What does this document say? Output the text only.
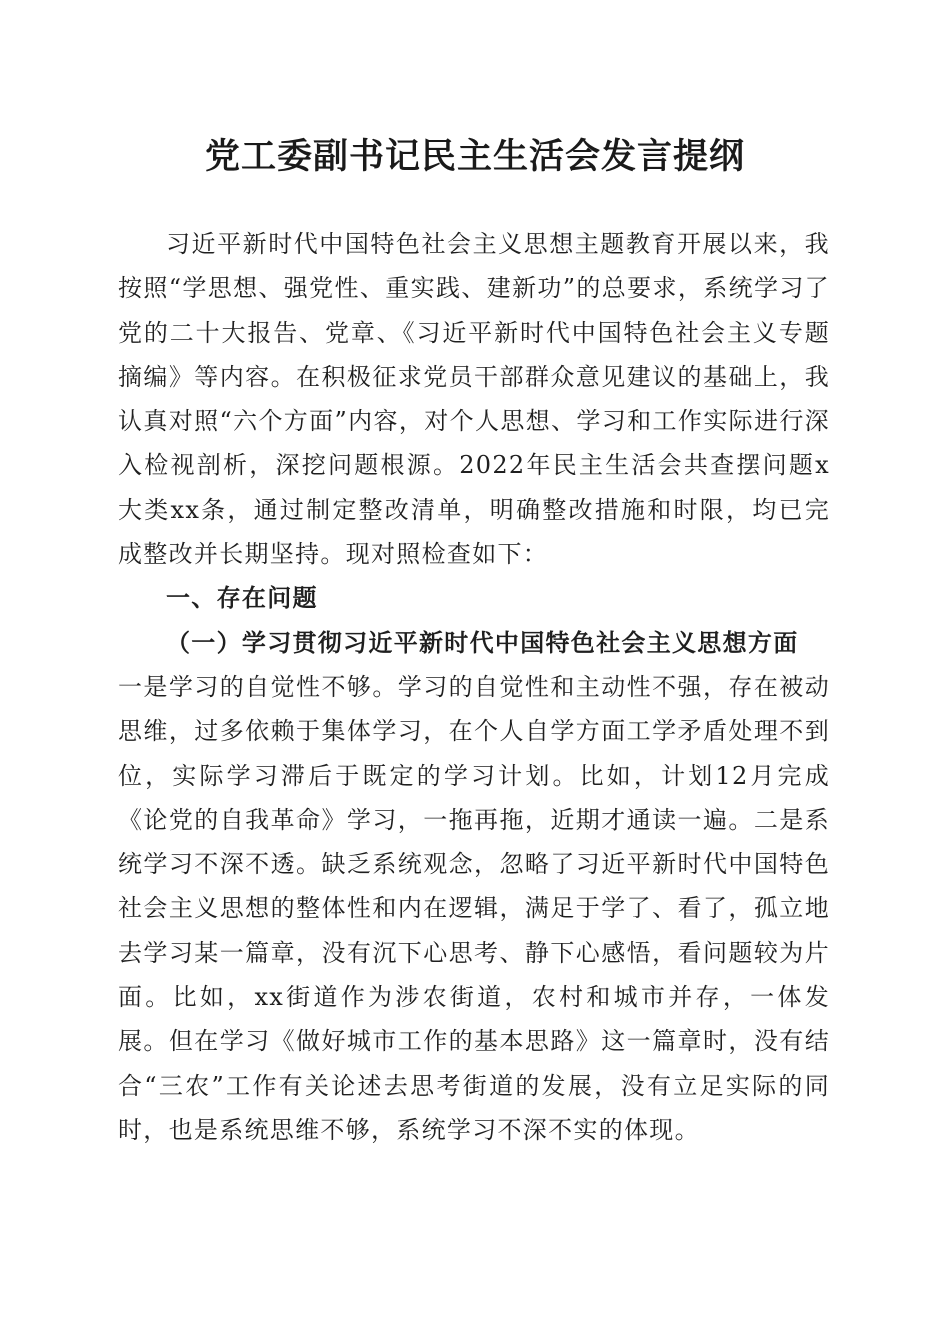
党工委副书记民主生活会发言提纲

习近平新时代中国特色社会主义思想主题教育开展以来，我按照“学思想、强党性、重实践、建新功”的总要求，系统学习了党的二十大报告、党章、《习近平新时代中国特色社会主义专题摘编》等内容。在积极征求党员干部群众意见建议的基础上，我认真对照“六个方面”内容，对个人思想、学习和工作实际进行深入检视剖析，深挖问题根源。2022年民主生活会共查摆问题x大类xx条，通过制定整改清单，明确整改措施和时限，均已完成整改并长期坚持。现对照检查如下：

一、存在问题

（一）学习贯彻习近平新时代中国特色社会主义思想方面

一是学习的自觉性不够。学习的自觉性和主动性不强，存在被动思维，过多依赖于集体学习，在个人自学方面工学矛盾处理不到位，实际学习滞后于既定的学习计划。比如，计划12月完成《论党的自我革命》学习，一拖再拖，近期才通读一遍。二是系统学习不深不透。缺乏系统观念，忽略了习近平新时代中国特色社会主义思想的整体性和内在逻辑，满足于学了、看了，孤立地去学习某一篇章，没有沉下心思考、静下心感悟，看问题较为片面。比如，xx街道作为涉农街道，农村和城市并存，一体发展。但在学习《做好城市工作的基本思路》这一篇章时，没有结合“三农”工作有关论述去思考街道的发展，没有立足实际的同时，也是系统思维不够，系统学习不深不实的体现。
